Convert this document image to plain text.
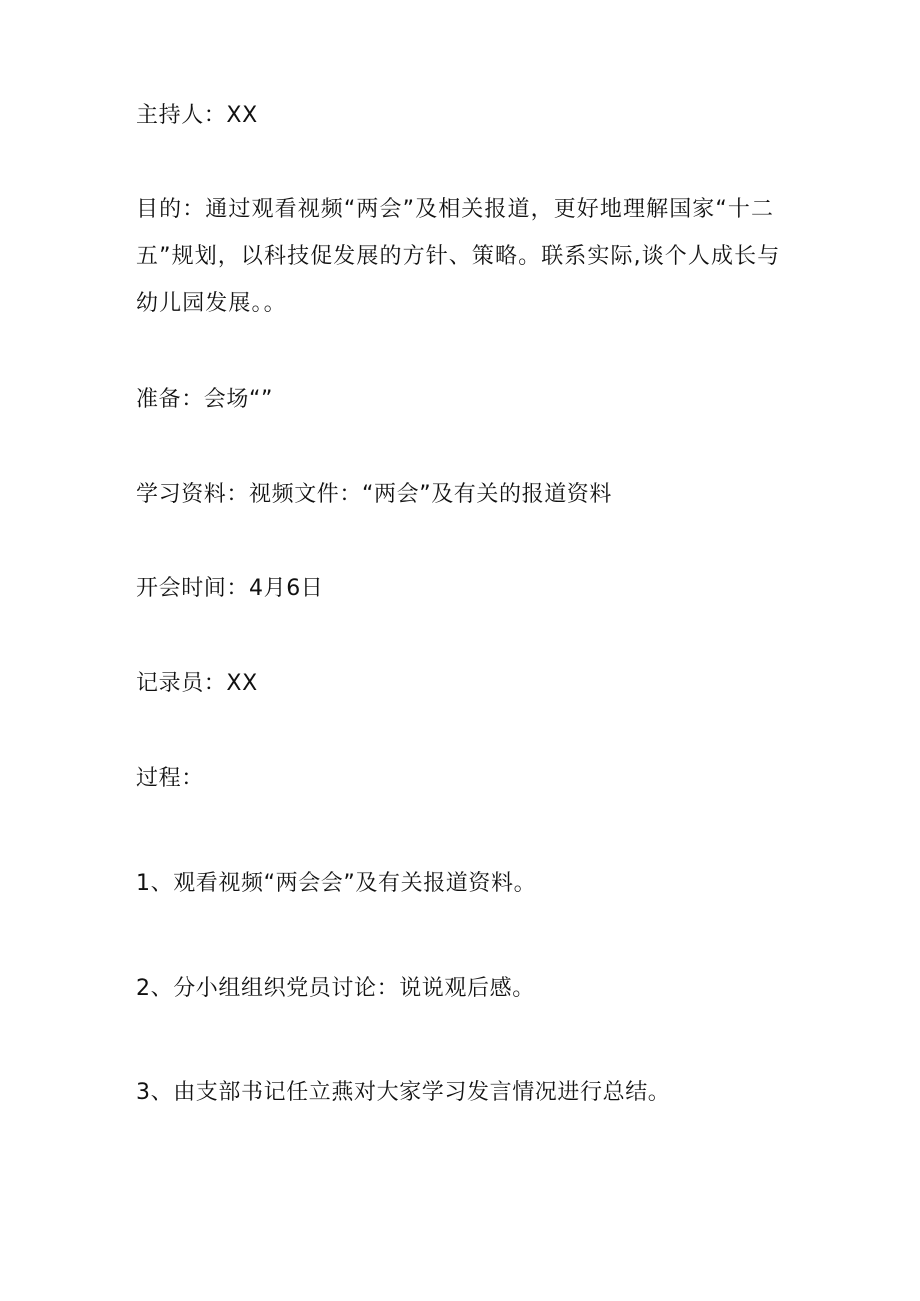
主持人：XX
目的：通过观看视频“两会”及相关报道，更好地理解国家“十二五”规划，以科技促发展的方针、策略。联系实际,谈个人成长与幼儿园发展。。
准备：会场“”
学习资料：视频文件：“两会”及有关的报道资料
开会时间：4月6日
记录员：XX
过程：
1、观看视频“两会会”及有关报道资料。
2、分小组组织党员讨论：说说观后感。
3、由支部书记任立燕对大家学习发言情况进行总结。
